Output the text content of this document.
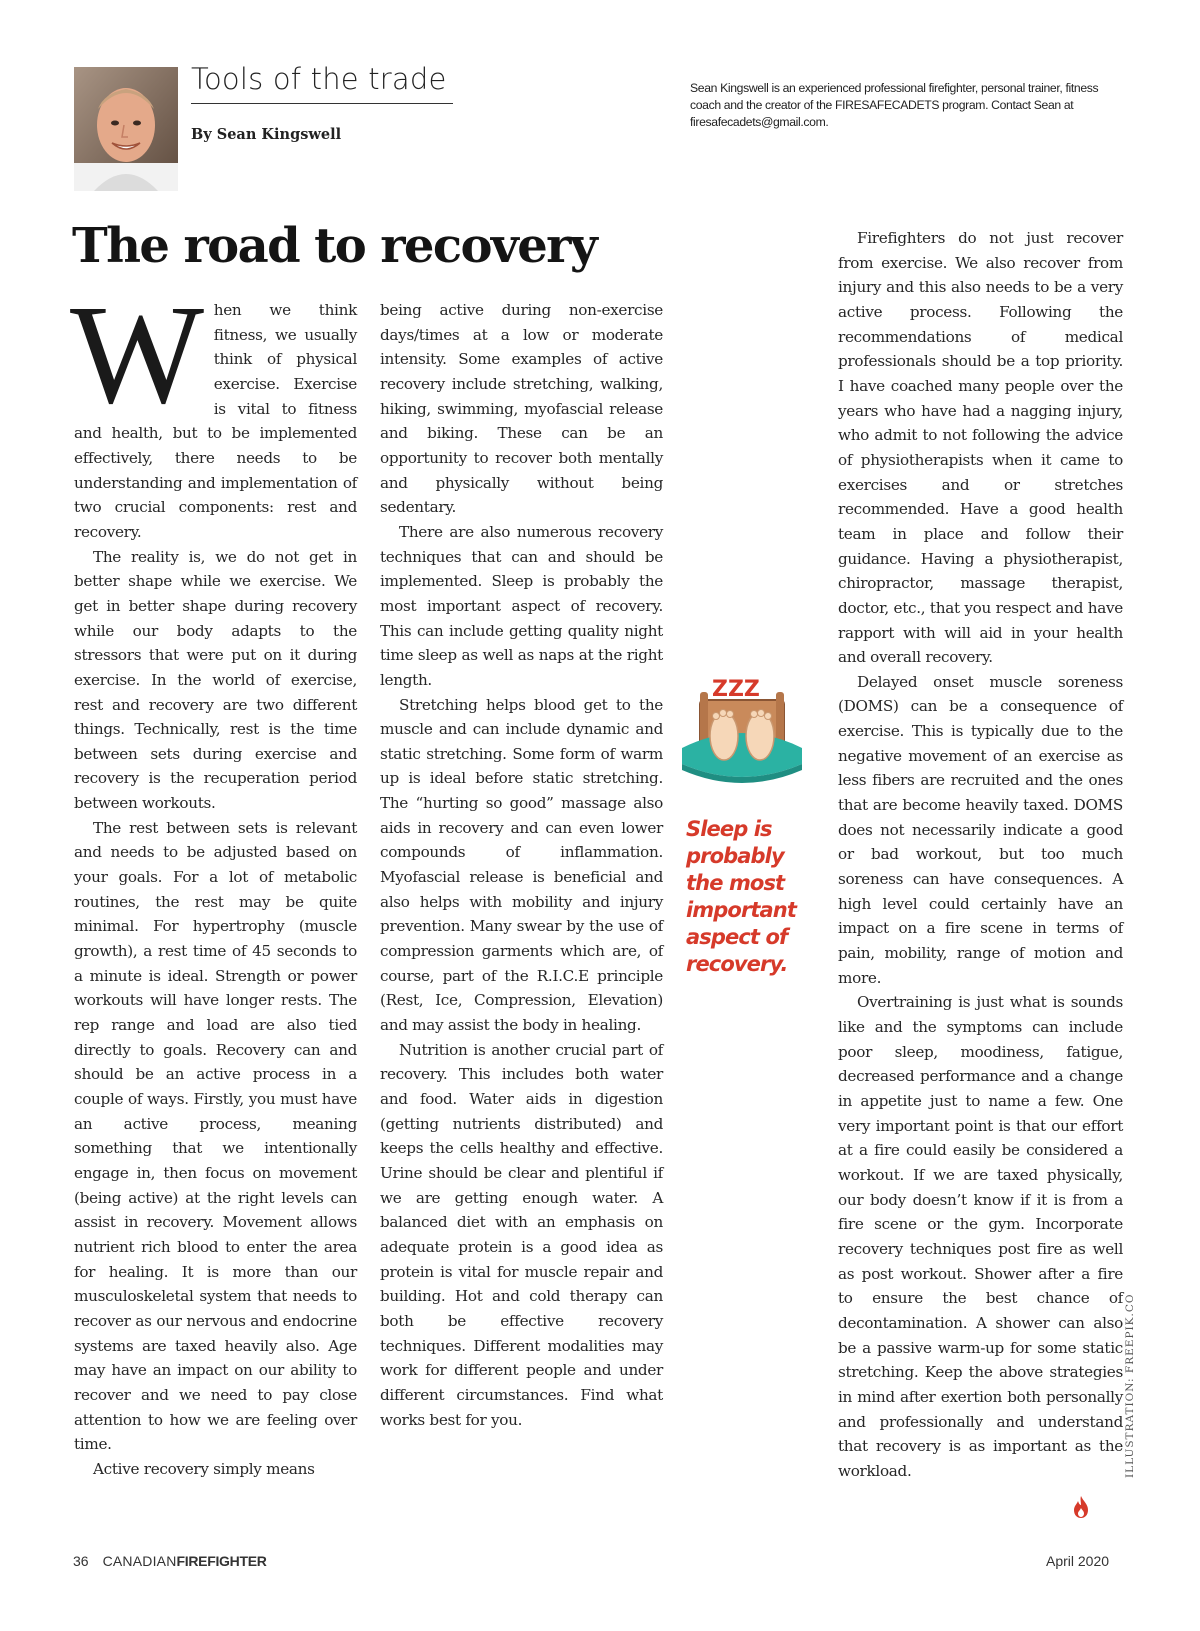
Tools of the trade
By Sean Kingswell
Sean Kingswell is an experienced professional firefighter, personal trainer, fitness coach and the creator of the FIRESAFECADETS program. Contact Sean at firesafecadets@gmail.com.
The road to recovery

When we think fitness, we usually think of physical exercise. Exercise is vital to fitness and health, but to be implemented effectively, there needs to be understanding and implementation of two crucial components: rest and recovery.

The reality is, we do not get in better shape while we exercise. We get in better shape during recovery while our body adapts to the stressors that were put on it during exercise. In the world of exercise, rest and recovery are two different things. Technically, rest is the time between sets during exercise and recovery is the recuperation period between workouts.

The rest between sets is relevant and needs to be adjusted based on your goals. For a lot of metabolic routines, the rest may be quite minimal. For hypertrophy (muscle growth), a rest time of 45 seconds to a minute is ideal. Strength or power workouts will have longer rests. The rep range and load are also tied directly to goals. Recovery can and should be an active process in a couple of ways. Firstly, you must have an active process, meaning something that we intentionally engage in, then focus on movement (being active) at the right levels can assist in recovery. Movement allows nutrient rich blood to enter the area for healing. It is more than our musculoskeletal system that needs to recover as our nervous and endocrine systems are taxed heavily also. Age may have an impact on our ability to recover and we need to pay close attention to how we are feeling over time.

Active recovery simply means

being active during non-exercise days/times at a low or moderate intensity. Some examples of active recovery include stretching, walking, hiking, swimming, myofascial release and biking. These can be an opportunity to recover both mentally and physically without being sedentary.

There are also numerous recovery techniques that can and should be implemented. Sleep is probably the most important aspect of recovery. This can include getting quality night time sleep as well as naps at the right length.

Stretching helps blood get to the muscle and can include dynamic and static stretching. Some form of warm up is ideal before static stretching. The “hurting so good” massage also aids in recovery and can even lower compounds of inflammation. Myofascial release is beneficial and also helps with mobility and injury prevention. Many swear by the use of compression garments which are, of course, part of the R.I.C.E principle (Rest, Ice, Compression, Elevation) and may assist the body in healing.

Nutrition is another crucial part of recovery. This includes both water and food. Water aids in digestion (getting nutrients distributed) and keeps the cells healthy and effective. Urine should be clear and plentiful if we are getting enough water. A balanced diet with an emphasis on adequate protein is a good idea as protein is vital for muscle repair and building. Hot and cold therapy can both be effective recovery techniques. Different modalities may work for different people and under different circumstances. Find what works best for you.

Firefighters do not just recover from exercise. We also recover from injury and this also needs to be a very active process. Following the recommendations of medical professionals should be a top priority. I have coached many people over the years who have had a nagging injury, who admit to not following the advice of physiotherapists when it came to exercises and or stretches recommended. Have a good health team in place and follow their guidance. Having a physiotherapist, chiropractor, massage therapist, doctor, etc., that you respect and have rapport with will aid in your health and overall recovery.

Delayed onset muscle soreness (DOMS) can be a consequence of exercise. This is typically due to the negative movement of an exercise as less fibers are recruited and the ones that are become heavily taxed. DOMS does not necessarily indicate a good or bad workout, but too much soreness can have consequences. A high level could certainly have an impact on a fire scene in terms of pain, mobility, range of motion and more.

Overtraining is just what is sounds like and the symptoms can include poor sleep, moodiness, fatigue, decreased performance and a change in appetite just to name a few. One very important point is that our effort at a fire could easily be considered a workout. If we are taxed physically, our body doesn’t know if it is from a fire scene or the gym. Incorporate recovery techniques post fire as well as post workout. Shower after a fire to ensure the best chance of decontamination. A shower can also be a passive warm-up for some static stretching. Keep the above strategies in mind after exertion both personally and professionally and understand that recovery is as important as the workload.

ZZZ
Sleep is probably the most important aspect of recovery.
ILLUSTRATION: FREEPIK.CO
36 CANADIANFIREFIGHTER	April 2020
